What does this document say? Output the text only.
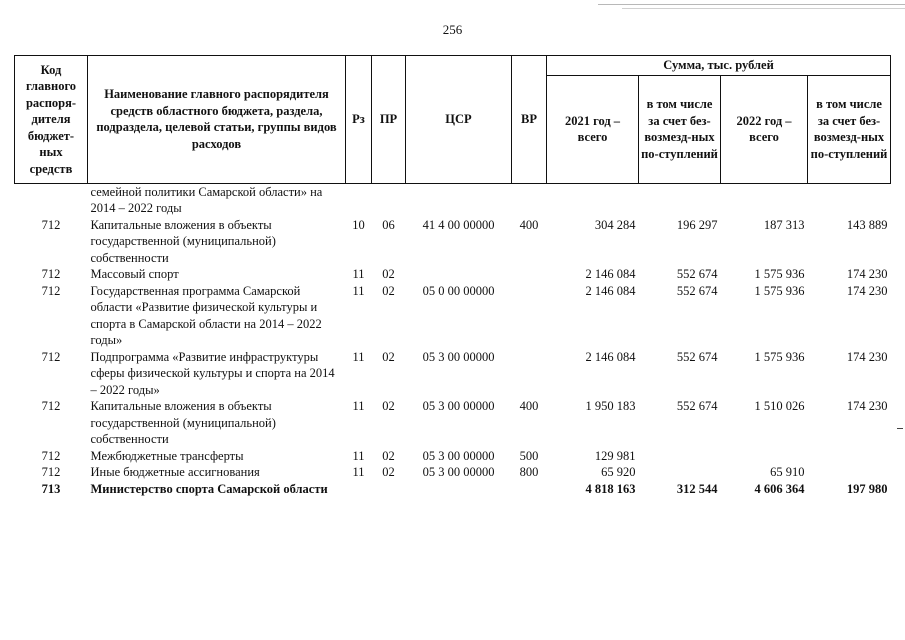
256
Код главного распоря-дителя бюджет-ных средств	Наименование главного распорядителя средств областного бюджета, раздела, подраздела, целевой статьи, группы видов расходов	Рз	ПР	ЦСР	ВР	Сумма, тыс. рублей			
						2021 год – всего	в том числе за счет без-возмезд-ных по-ступлений	2022 год – всего	в том числе за счет без-возмезд-ных по-ступлений
	семейной политики Самарской области» на 2014 – 2022 годы								
712	Капитальные вложения в объекты государственной (муниципальной) собственности	10	06	41 4 00 00000	400	304 284	196 297	187 313	143 889
712	Массовый спорт	11	02			2 146 084	552 674	1 575 936	174 230
712	Государственная программа Самарской области «Развитие физической культуры и спорта в Самарской области на 2014 – 2022 годы»	11	02	05 0 00 00000		2 146 084	552 674	1 575 936	174 230
712	Подпрограмма «Развитие инфраструктуры сферы физической культуры и спорта на 2014 – 2022 годы»	11	02	05 3 00 00000		2 146 084	552 674	1 575 936	174 230
712	Капитальные вложения в объекты государственной (муниципальной) собственности	11	02	05 3 00 00000	400	1 950 183	552 674	1 510 026	174 230
712	Межбюджетные трансферты	11	02	05 3 00 00000	500	129 981			
712	Иные бюджетные ассигнования	11	02	05 3 00 00000	800	65 920		65 910	
713	Министерство спорта Самарской области					4 818 163	312 544	4 606 364	197 980
